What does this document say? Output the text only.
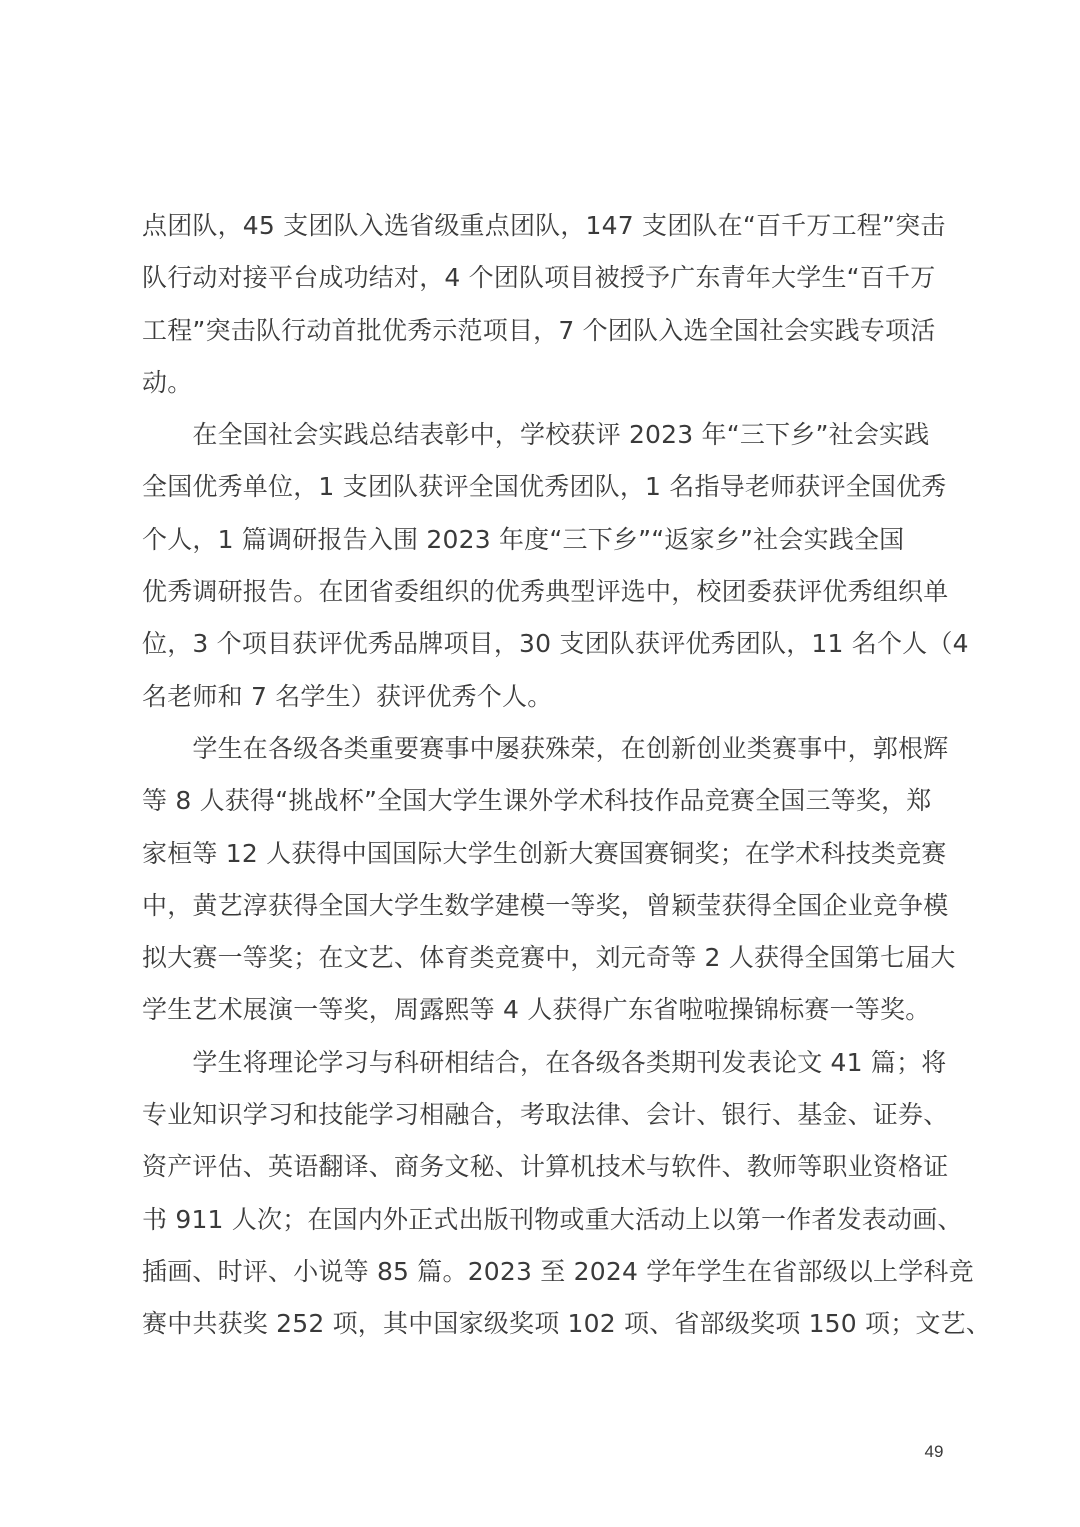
点团队，45 支团队入选省级重点团队，147 支团队在“百千万工程”突击
队行动对接平台成功结对，4 个团队项目被授予广东青年大学生“百千万
工程”突击队行动首批优秀示范项目，7 个团队入选全国社会实践专项活
动。
　　在全国社会实践总结表彰中，学校获评 2023 年“三下乡”社会实践
全国优秀单位，1 支团队获评全国优秀团队，1 名指导老师获评全国优秀
个人，1 篇调研报告入围 2023 年度“三下乡”“返家乡”社会实践全国
优秀调研报告。在团省委组织的优秀典型评选中，校团委获评优秀组织单
位，3 个项目获评优秀品牌项目，30 支团队获评优秀团队，11 名个人（4
名老师和 7 名学生）获评优秀个人。
　　学生在各级各类重要赛事中屡获殊荣，在创新创业类赛事中，郭根辉
等 8 人获得“挑战杯”全国大学生课外学术科技作品竞赛全国三等奖，郑
家桓等 12 人获得中国国际大学生创新大赛国赛铜奖；在学术科技类竞赛
中，黄艺淳获得全国大学生数学建模一等奖，曾颖莹获得全国企业竞争模
拟大赛一等奖；在文艺、体育类竞赛中，刘元奇等 2 人获得全国第七届大
学生艺术展演一等奖，周露熙等 4 人获得广东省啦啦操锦标赛一等奖。
　　学生将理论学习与科研相结合，在各级各类期刊发表论文 41 篇；将
专业知识学习和技能学习相融合，考取法律、会计、银行、基金、证券、
资产评估、英语翻译、商务文秘、计算机技术与软件、教师等职业资格证
书 911 人次；在国内外正式出版刊物或重大活动上以第一作者发表动画、
插画、时评、小说等 85 篇。2023 至 2024 学年学生在省部级以上学科竞
赛中共获奖 252 项，其中国家级奖项 102 项、省部级奖项 150 项；文艺、
49
